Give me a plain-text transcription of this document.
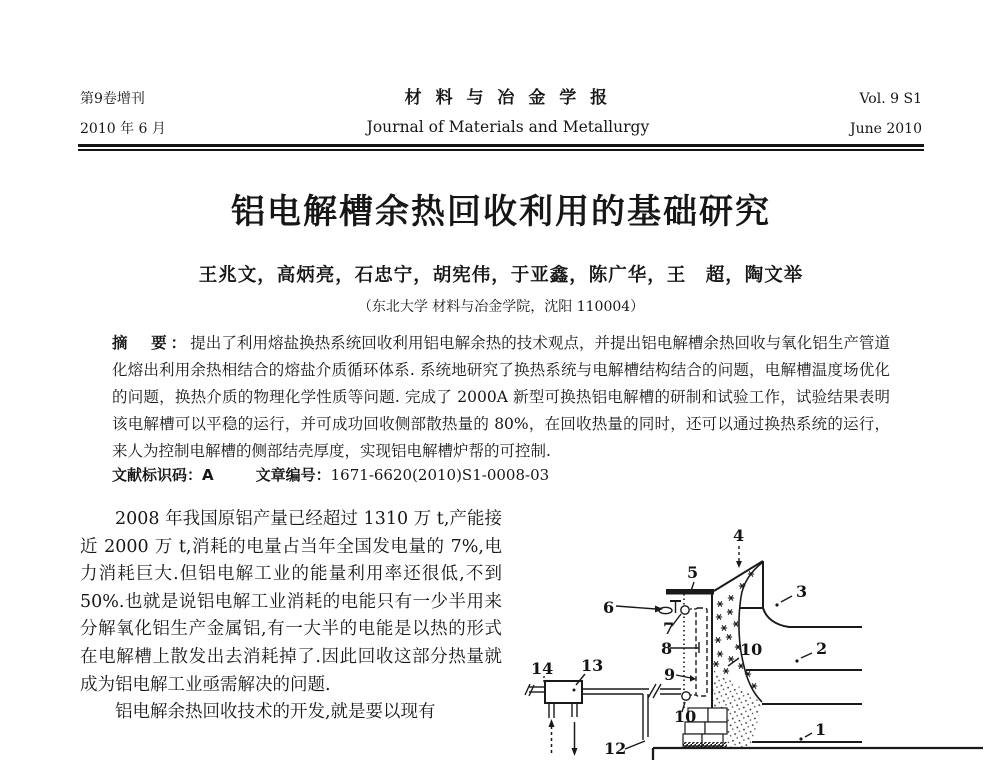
第9卷增刊
2010 年 6 月
材 料 与 冶 金 学 报
Journal of Materials and Metallurgy
Vol. 9 S1
June 2010
铝电解槽余热回收利用的基础研究
王兆文，高炳亮，石忠宁，胡宪伟，于亚鑫，陈广华，王　超，陶文举
（东北大学 材料与冶金学院，沈阳 110004）

摘　要：提出了利用熔盐换热系统回收利用铝电解余热的技术观点，并提出铝电解槽余热回收与氧化铝生产管道化熔出利用余热相结合的熔盐介质循环体系. 系统地研究了换热系统与电解槽结构结合的问题，电解槽温度场优化的问题，换热介质的物理化学性质等问题. 完成了 2000A 新型可换热铝电解槽的研制和试验工作，试验结果表明该电解槽可以平稳的运行，并可成功回收侧部散热量的 80%，在回收热量的同时，还可以通过换热系统的运行，来人为控制电解槽的侧部结壳厚度，实现铝电解槽炉帮的可控制.

文献标识码：A	文章编号：1671-6620(2010)S1-0008-03

2008 年我国原铝产量已经超过 1310 万 t,产能接近 2000 万 t,消耗的电量占当年全国发电量的 7%,电力消耗巨大.但铝电解工业的能量利用率还很低,不到 50%.也就是说铝电解工业消耗的电能只有一少半用来分解氧化铝生产金属铝,有一大半的电能是以热的形式在电解槽上散发出去消耗掉了.因此回收这部分热量就成为铝电解工业亟需解决的问题.

铝电解余热回收技术的开发,就是要以现有

1
2
3
4
5
6
7
8
9
10
10
12
13
14
